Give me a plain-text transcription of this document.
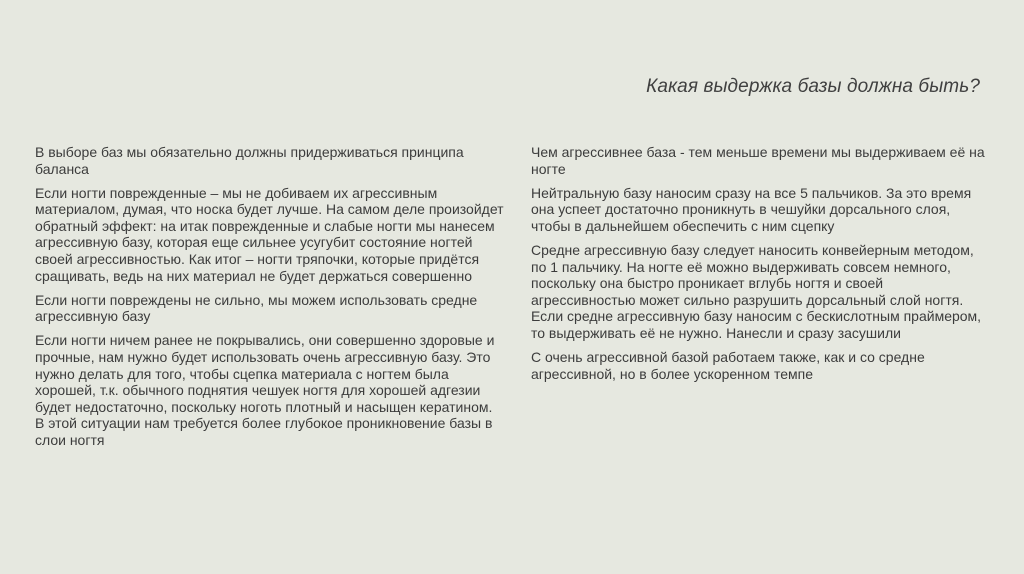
Какая выдержка базы должна быть?

В выборе баз мы обязательно должны придерживаться принципа баланса

Если ногти поврежденные – мы не добиваем их агрессивным материалом, думая, что носка будет лучше. На самом деле произойдет обратный эффект: на итак поврежденные и слабые ногти мы нанесем агрессивную базу, которая еще сильнее усугубит состояние ногтей своей агрессивностью. Как итог – ногти тряпочки, которые придётся сращивать, ведь на них материал не будет держаться совершенно

Если ногти повреждены не сильно, мы можем использовать средне агрессивную базу

Если ногти ничем ранее не покрывались, они совершенно здоровые и прочные, нам нужно будет использовать очень агрессивную базу. Это нужно делать для того, чтобы сцепка материала с ногтем была хорошей, т.к. обычного поднятия чешуек ногтя для хорошей адгезии будет недостаточно, поскольку ноготь плотный и насыщен кератином. В этой ситуации нам требуется более глубокое проникновение базы в слои ногтя

Чем агрессивнее база - тем меньше времени мы выдерживаем её на ногте

Нейтральную базу наносим сразу на все 5 пальчиков. За это время она успеет достаточно проникнуть в чешуйки дорсального слоя, чтобы в дальнейшем обеспечить с ним сцепку

Средне агрессивную базу следует наносить конвейерным методом, по 1 пальчику. На ногте её можно выдерживать совсем немного, поскольку она быстро проникает вглубь ногтя и своей агрессивностью может сильно разрушить дорсальный слой ногтя. Если средне агрессивную базу наносим с бескислотным праймером, то выдерживать её не нужно. Нанесли и сразу засушили

С очень агрессивной базой работаем также, как и со средне агрессивной, но в более ускоренном темпе
